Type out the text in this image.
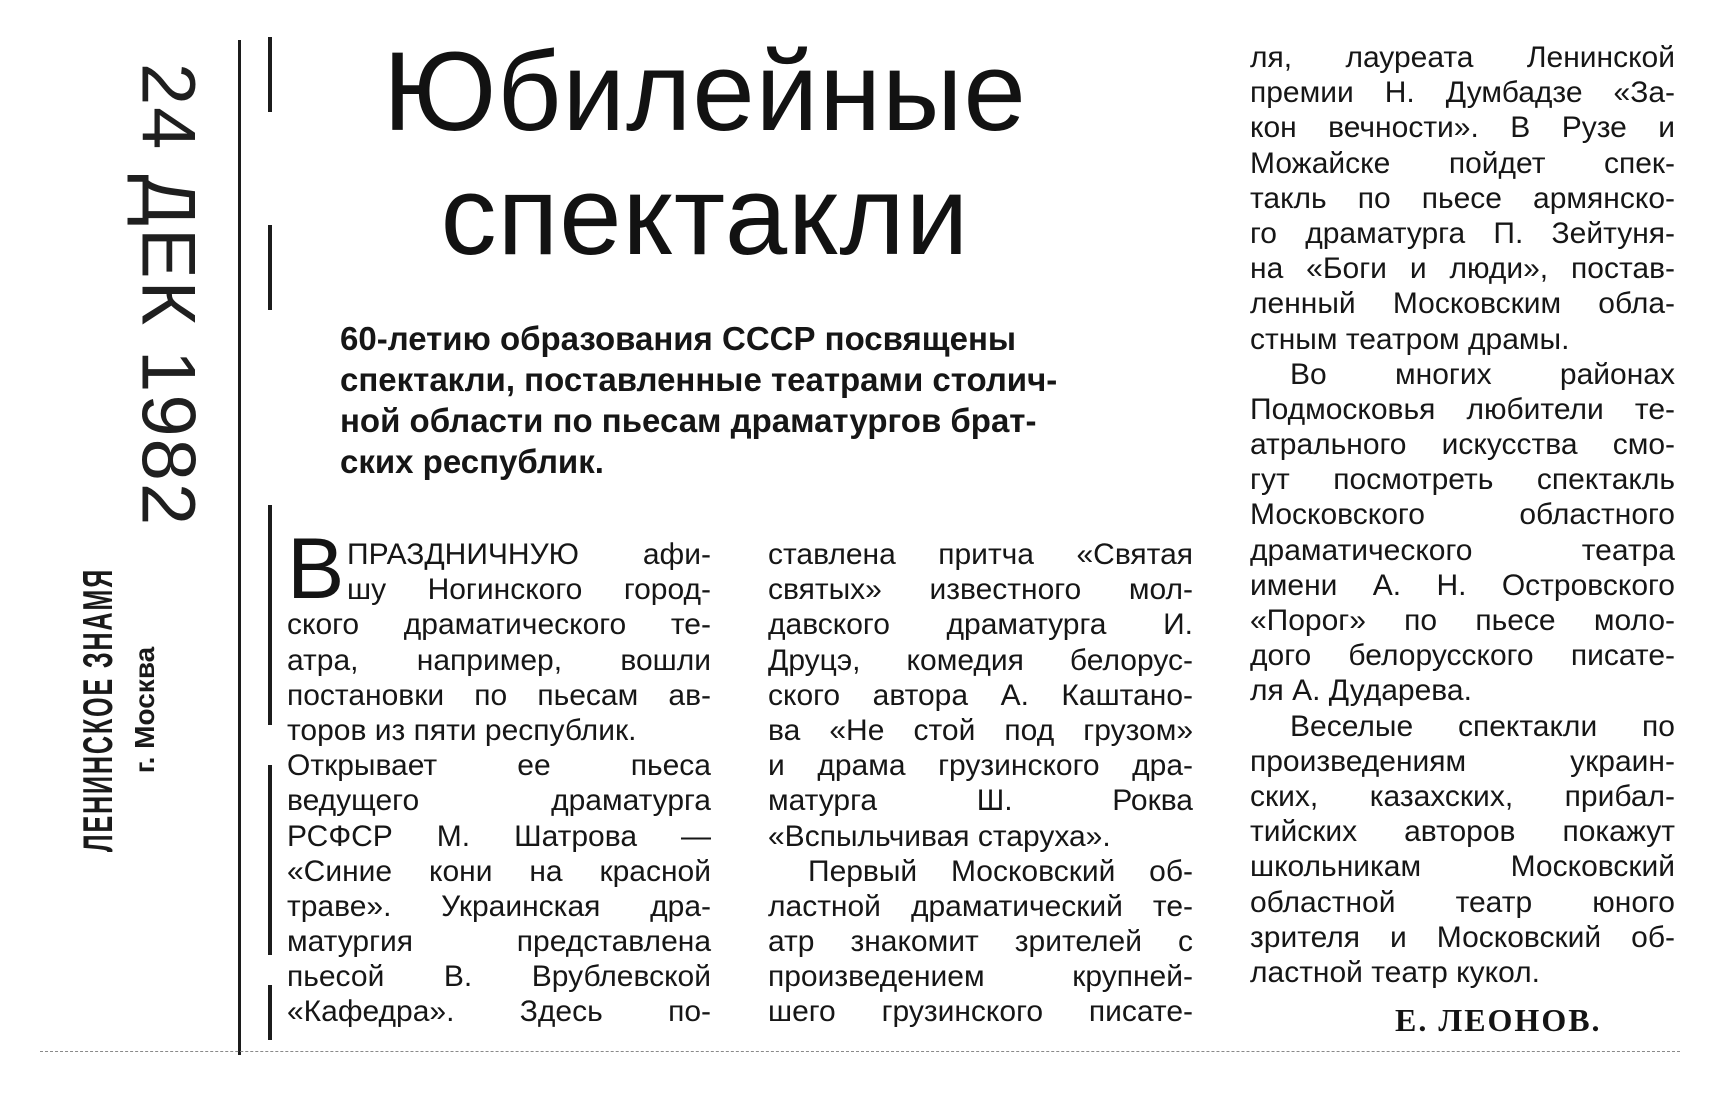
24 ДЕК 1982
ЛЕНИНСКОЕ ЗНАМЯ г. Москва
Юбилейные
спектакли
60-летию образования СССР посвящены
спектакли, поставленные театрами столич-
ной области по пьесам драматургов брат-
ских республик.
В ПРАЗДНИЧНУЮ афи-
шу Ногинского город-
ского драматического те-
атра, например, вошли
постановки по пьесам ав-
торов из пяти республик.
Открывает ее пьеса
ведущего драматурга
РСФСР М. Шатрова —
«Синие кони на красной
траве». Украинская дра-
матургия представлена
пьесой В. Врублевской
«Кафедра». Здесь по-
ставлена притча «Святая
святых» известного мол-
давского драматурга И.
Друцэ, комедия белорус-
ского автора А. Каштано-
ва «Не стой под грузом»
и драма грузинского дра-
матурга Ш. Роква
«Вспыльчивая старуха».
Первый Московский об-
ластной драматический те-
атр знакомит зрителей с
произведением крупней-
шего грузинского писате-
ля, лауреата Ленинской
премии Н. Думбадзе «За-
кон вечности». В Рузе и
Можайске пойдет спек-
такль по пьесе армянско-
го драматурга П. Зейтуня-
на «Боги и люди», постав-
ленный Московским обла-
стным театром драмы.
Во многих районах
Подмосковья любители те-
атрального искусства смо-
гут посмотреть спектакль
Московского областного
драматического театра
имени А. Н. Островского
«Порог» по пьесе моло-
дого белорусского писате-
ля А. Дударева.
Веселые спектакли по
произведениям украин-
ских, казахских, прибал-
тийских авторов покажут
школьникам Московский
областной театр юного
зрителя и Московский об-
ластной театр кукол.
Е. ЛЕОНОВ.
